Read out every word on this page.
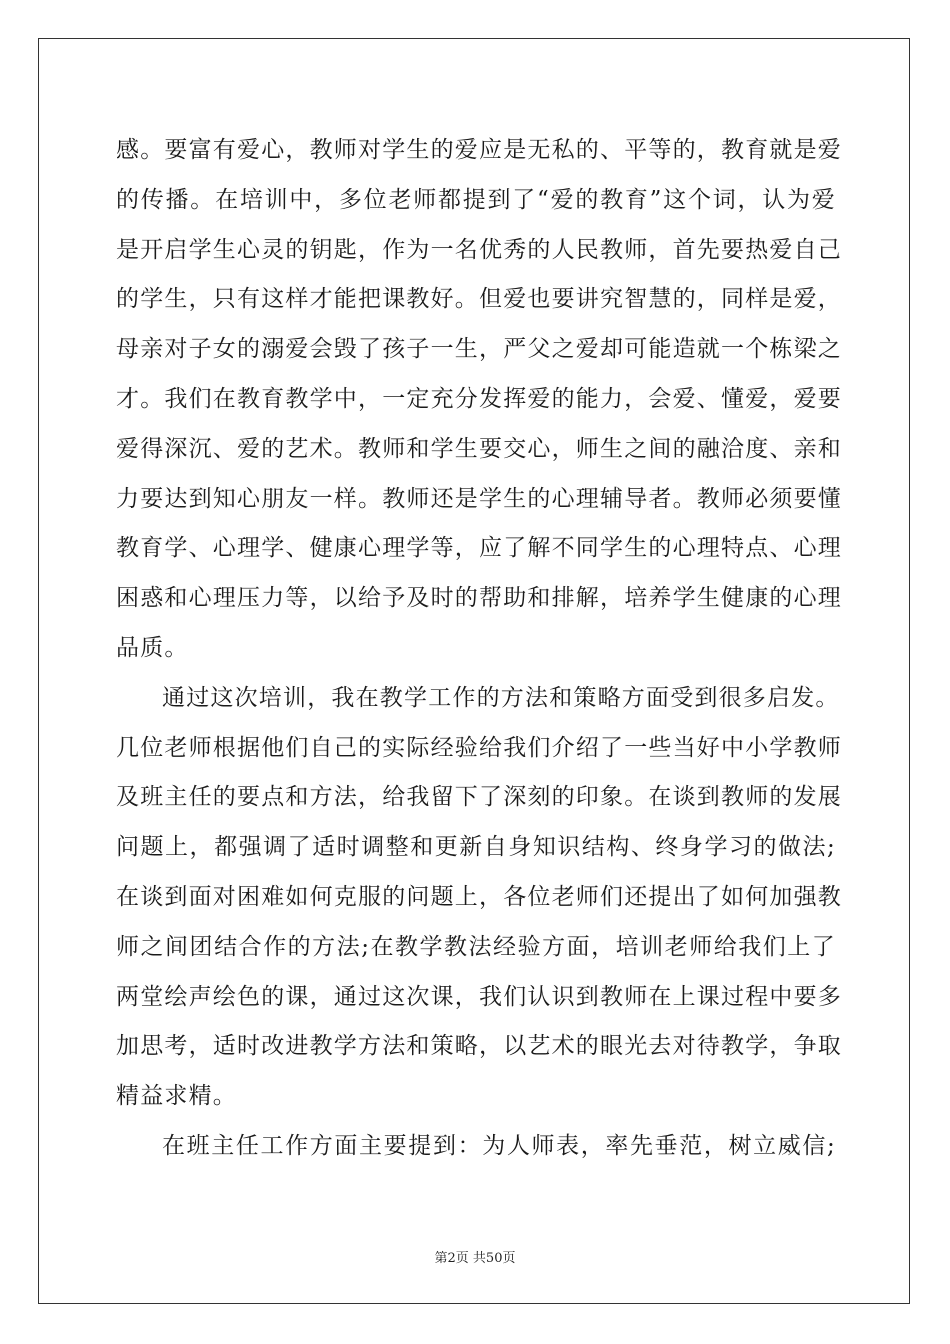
感。要富有爱心，教师对学生的爱应是无私的、平等的，教育就是爱
的传播。在培训中，多位老师都提到了“爱的教育”这个词，认为爱
是开启学生心灵的钥匙，作为一名优秀的人民教师，首先要热爱自己
的学生，只有这样才能把课教好。但爱也要讲究智慧的，同样是爱，
母亲对子女的溺爱会毁了孩子一生，严父之爱却可能造就一个栋梁之
才。我们在教育教学中，一定充分发挥爱的能力，会爱、懂爱，爱要
爱得深沉、爱的艺术。教师和学生要交心，师生之间的融洽度、亲和
力要达到知心朋友一样。教师还是学生的心理辅导者。教师必须要懂
教育学、心理学、健康心理学等，应了解不同学生的心理特点、心理
困惑和心理压力等，以给予及时的帮助和排解，培养学生健康的心理
品质。
通过这次培训，我在教学工作的方法和策略方面受到很多启发。
几位老师根据他们自己的实际经验给我们介绍了一些当好中小学教师
及班主任的要点和方法，给我留下了深刻的印象。在谈到教师的发展
问题上，都强调了适时调整和更新自身知识结构、终身学习的做法;
在谈到面对困难如何克服的问题上，各位老师们还提出了如何加强教
师之间团结合作的方法;在教学教法经验方面，培训老师给我们上了
两堂绘声绘色的课，通过这次课，我们认识到教师在上课过程中要多
加思考，适时改进教学方法和策略，以艺术的眼光去对待教学，争取
精益求精。
在班主任工作方面主要提到：为人师表，率先垂范，树立威信;
第2页 共50页
